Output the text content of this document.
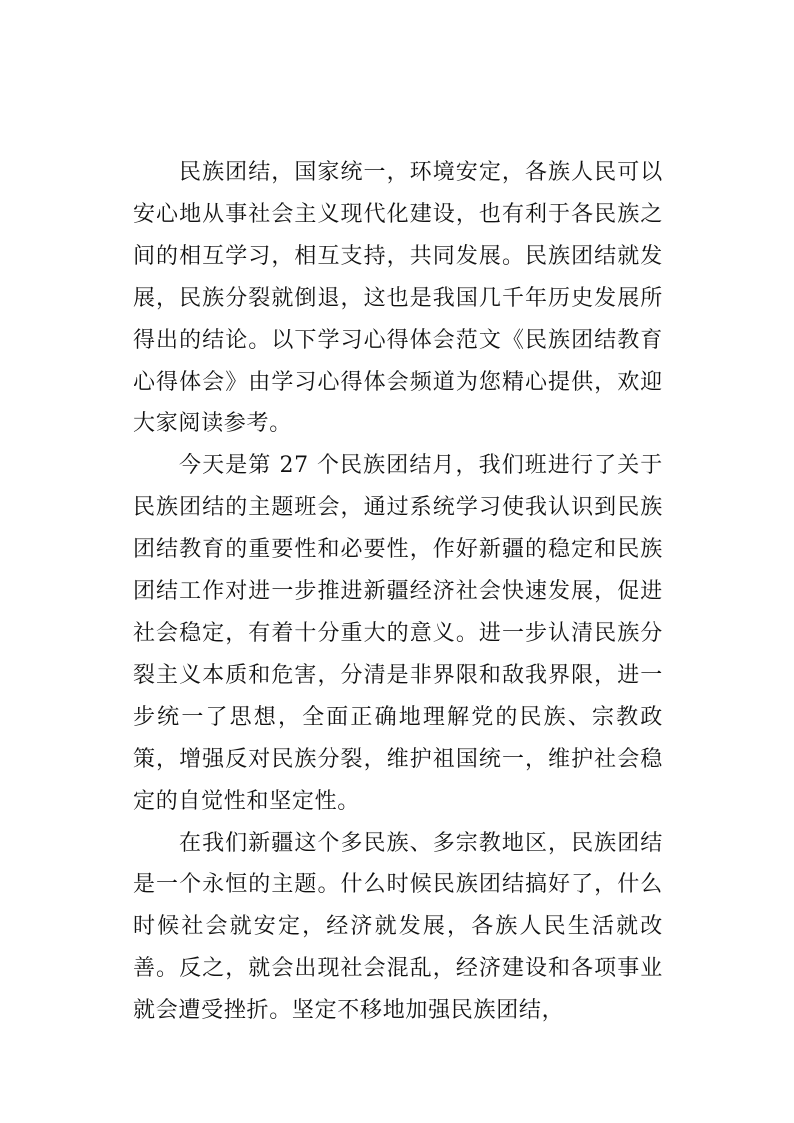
民族团结，国家统一，环境安定，各族人民可以安心地从事社会主义现代化建设，也有利于各民族之间的相互学习，相互支持，共同发展。民族团结就发展，民族分裂就倒退，这也是我国几千年历史发展所得出的结论。以下学习心得体会范文《民族团结教育心得体会》由学习心得体会频道为您精心提供，欢迎大家阅读参考。

今天是第 27 个民族团结月，我们班进行了关于民族团结的主题班会，通过系统学习使我认识到民族团结教育的重要性和必要性，作好新疆的稳定和民族团结工作对进一步推进新疆经济社会快速发展，促进社会稳定，有着十分重大的意义。进一步认清民族分裂主义本质和危害，分清是非界限和敌我界限，进一步统一了思想，全面正确地理解党的民族、宗教政策，增强反对民族分裂，维护祖国统一，维护社会稳定的自觉性和坚定性。

在我们新疆这个多民族、多宗教地区，民族团结是一个永恒的主题。什么时候民族团结搞好了，什么时候社会就安定，经济就发展，各族人民生活就改善。反之，就会出现社会混乱，经济建设和各项事业就会遭受挫折。坚定不移地加强民族团结，
